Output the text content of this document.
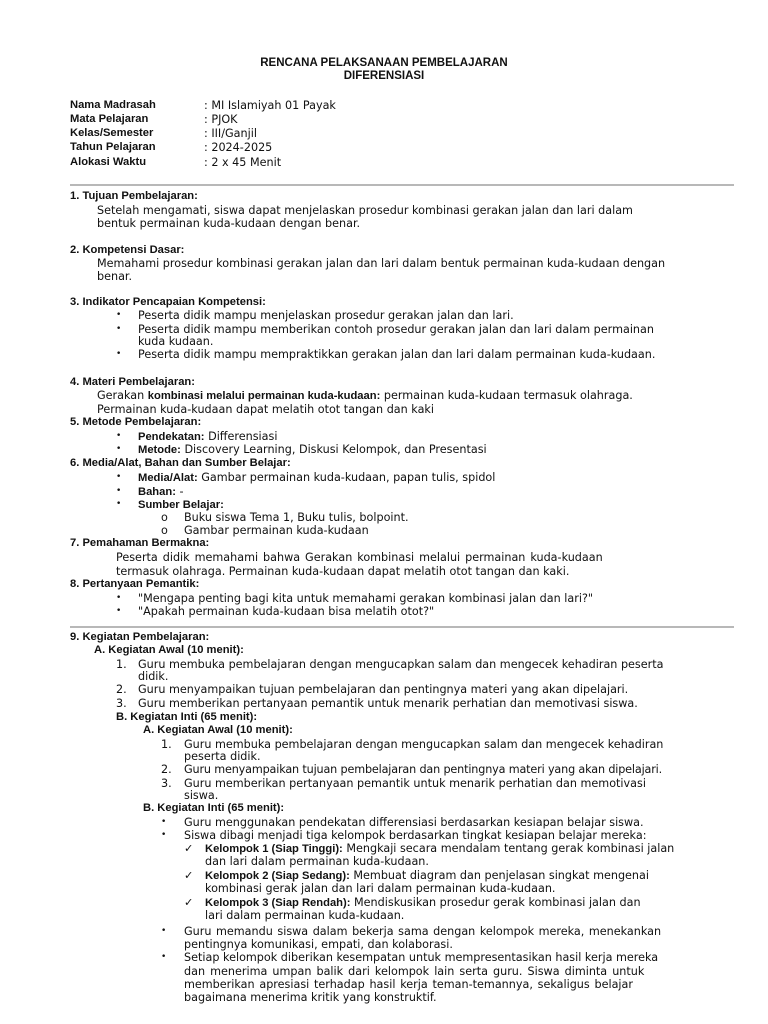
RENCANA PELAKSANAAN PEMBELAJARAN
DIFERENSIASI
Nama Madrasah	: MI Islamiyah 01 Payak
Mata Pelajaran	: PJOK
Kelas/Semester	: III/Ganjil
Tahun Pelajaran	: 2024-2025
Alokasi Waktu	: 2 x 45 Menit
1. Tujuan Pembelajaran:
Setelah mengamati, siswa dapat menjelaskan prosedur kombinasi gerakan jalan dan lari dalam
bentuk permainan kuda-kudaan dengan benar.
2. Kompetensi Dasar:
Memahami prosedur kombinasi gerakan jalan dan lari dalam bentuk permainan kuda-kudaan dengan
benar.
3. Indikator Pencapaian Kompetensi:
• Peserta didik mampu menjelaskan prosedur gerakan jalan dan lari.
• Peserta didik mampu memberikan contoh prosedur gerakan jalan dan lari dalam permainan
kuda kudaan.
• Peserta didik mampu mempraktikkan gerakan jalan dan lari dalam permainan kuda-kudaan.
4. Materi Pembelajaran:
Gerakan kombinasi melalui permainan kuda-kudaan: permainan kuda-kudaan termasuk olahraga.
Permainan kuda-kudaan dapat melatih otot tangan dan kaki
5. Metode Pembelajaran:
• Pendekatan: Differensiasi
• Metode: Discovery Learning, Diskusi Kelompok, dan Presentasi
6. Media/Alat, Bahan dan Sumber Belajar:
• Media/Alat: Gambar permainan kuda-kudaan, papan tulis, spidol
• Bahan: -
• Sumber Belajar:
o Buku siswa Tema 1, Buku tulis, bolpoint.
o Gambar permainan kuda-kudaan
7. Pemahaman Bermakna:
Peserta didik memahami bahwa Gerakan kombinasi melalui permainan kuda-kudaan
termasuk olahraga. Permainan kuda-kudaan dapat melatih otot tangan dan kaki.
8. Pertanyaan Pemantik:
• "Mengapa penting bagi kita untuk memahami gerakan kombinasi jalan dan lari?"
• "Apakah permainan kuda-kudaan bisa melatih otot?"
9. Kegiatan Pembelajaran:
A. Kegiatan Awal (10 menit):
1. Guru membuka pembelajaran dengan mengucapkan salam dan mengecek kehadiran peserta
didik.
2. Guru menyampaikan tujuan pembelajaran dan pentingnya materi yang akan dipelajari.
3. Guru memberikan pertanyaan pemantik untuk menarik perhatian dan memotivasi siswa.
B. Kegiatan Inti (65 menit):
A. Kegiatan Awal (10 menit):
1. Guru membuka pembelajaran dengan mengucapkan salam dan mengecek kehadiran
peserta didik.
2. Guru menyampaikan tujuan pembelajaran dan pentingnya materi yang akan dipelajari.
3. Guru memberikan pertanyaan pemantik untuk menarik perhatian dan memotivasi
siswa.
B. Kegiatan Inti (65 menit):
• Guru menggunakan pendekatan differensiasi berdasarkan kesiapan belajar siswa.
• Siswa dibagi menjadi tiga kelompok berdasarkan tingkat kesiapan belajar mereka:
✓ Kelompok 1 (Siap Tinggi): Mengkaji secara mendalam tentang gerak kombinasi jalan
dan lari dalam permainan kuda-kudaan.
✓ Kelompok 2 (Siap Sedang): Membuat diagram dan penjelasan singkat mengenai
kombinasi gerak jalan dan lari dalam permainan kuda-kudaan.
✓ Kelompok 3 (Siap Rendah): Mendiskusikan prosedur gerak kombinasi jalan dan
lari dalam permainan kuda-kudaan.
• Guru memandu siswa dalam bekerja sama dengan kelompok mereka, menekankan
pentingnya komunikasi, empati, dan kolaborasi.
• Setiap kelompok diberikan kesempatan untuk mempresentasikan hasil kerja mereka
dan menerima umpan balik dari kelompok lain serta guru. Siswa diminta untuk
memberikan apresiasi terhadap hasil kerja teman-temannya, sekaligus belajar
bagaimana menerima kritik yang konstruktif.
